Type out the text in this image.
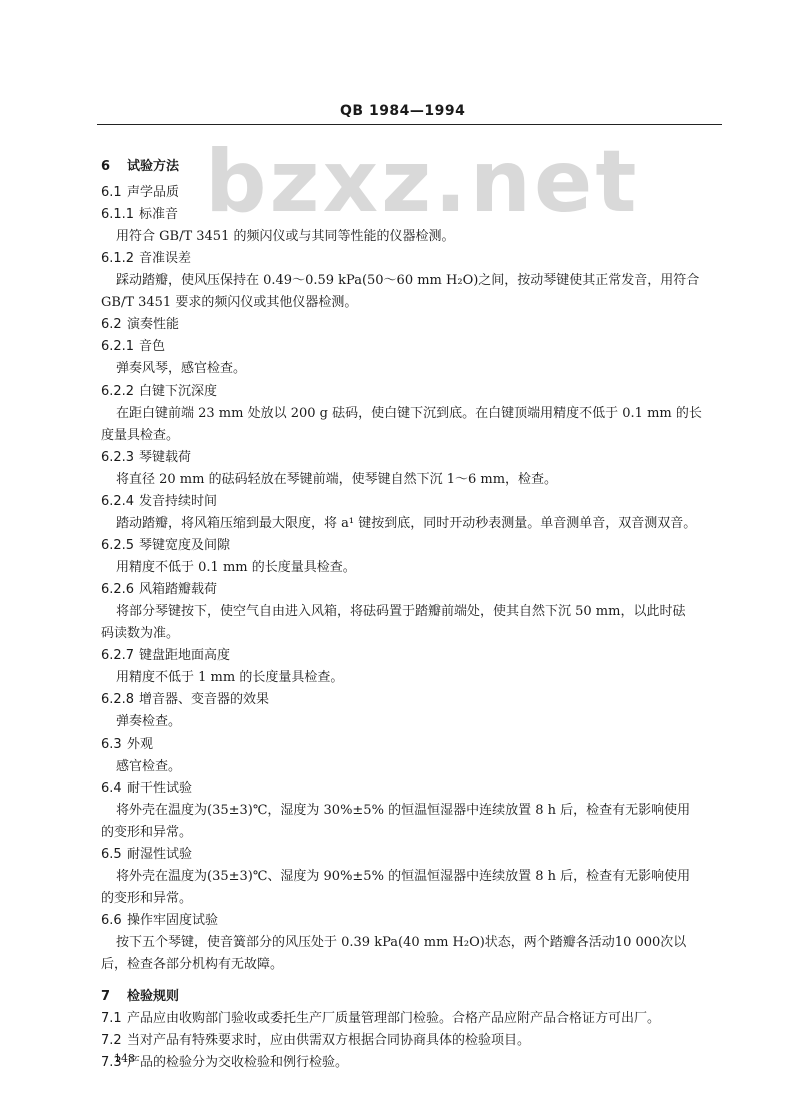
QB 1984—1994
bzxz.net
6 试验方法
6.1 声学品质
6.1.1 标准音
用符合 GB/T 3451 的频闪仪或与其同等性能的仪器检测。
6.1.2 音准误差
踩动踏瓣，使风压保持在 0.49～0.59 kPa(50～60 mm H₂O)之间，按动琴键使其正常发音，用符合
GB/T 3451 要求的频闪仪或其他仪器检测。
6.2 演奏性能
6.2.1 音色
弹奏风琴，感官检查。
6.2.2 白键下沉深度
在距白键前端 23 mm 处放以 200 g 砝码，使白键下沉到底。在白键顶端用精度不低于 0.1 mm 的长
度量具检查。
6.2.3 琴键载荷
将直径 20 mm 的砝码轻放在琴键前端，使琴键自然下沉 1～6 mm，检查。
6.2.4 发音持续时间
踏动踏瓣，将风箱压缩到最大限度，将 a¹ 键按到底，同时开动秒表测量。单音测单音，双音测双音。
6.2.5 琴键宽度及间隙
用精度不低于 0.1 mm 的长度量具检查。
6.2.6 风箱踏瓣载荷
将部分琴键按下，使空气自由进入风箱，将砝码置于踏瓣前端处，使其自然下沉 50 mm，以此时砝
码读数为准。
6.2.7 键盘距地面高度
用精度不低于 1 mm 的长度量具检查。
6.2.8 增音器、变音器的效果
弹奏检查。
6.3 外观
感官检查。
6.4 耐干性试验
将外壳在温度为(35±3)℃，湿度为 30%±5% 的恒温恒湿器中连续放置 8 h 后，检查有无影响使用
的变形和异常。
6.5 耐湿性试验
将外壳在温度为(35±3)℃、湿度为 90%±5% 的恒温恒湿器中连续放置 8 h 后，检查有无影响使用
的变形和异常。
6.6 操作牢固度试验
按下五个琴键，使音簧部分的风压处于 0.39 kPa(40 mm H₂O)状态，两个踏瓣各活动10 000次以
后，检查各部分机构有无故障。
7 检验规则
7.1 产品应由收购部门验收或委托生产厂质量管理部门检验。合格产品应附产品合格证方可出厂。
7.2 当对产品有特殊要求时，应由供需双方根据合同协商具体的检验项目。
7.3 产品的检验分为交收检验和例行检验。
148
